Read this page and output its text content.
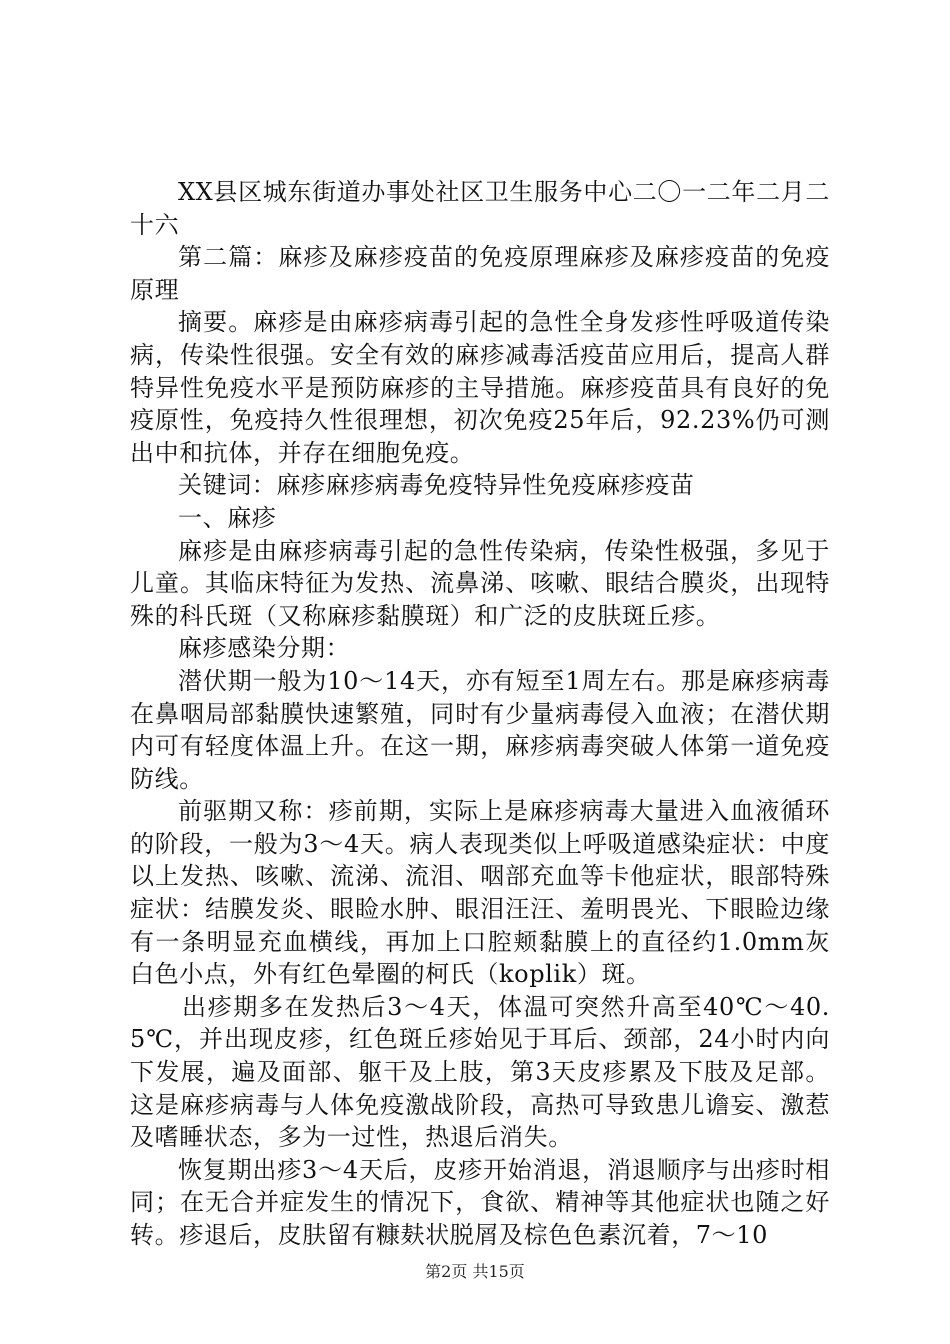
XX县区城东街道办事处社区卫生服务中心二〇一二年二月二十六

第二篇：麻疹及麻疹疫苗的免疫原理麻疹及麻疹疫苗的免疫原理

摘要。麻疹是由麻疹病毒引起的急性全身发疹性呼吸道传染病，传染性很强。安全有效的麻疹减毒活疫苗应用后，提高人群特异性免疫水平是预防麻疹的主导措施。麻疹疫苗具有良好的免疫原性，免疫持久性很理想，初次免疫25年后，92.23%仍可测出中和抗体，并存在细胞免疫。

关键词：麻疹麻疹病毒免疫特异性免疫麻疹疫苗

一、麻疹

麻疹是由麻疹病毒引起的急性传染病，传染性极强，多见于儿童。其临床特征为发热、流鼻涕、咳嗽、眼结合膜炎，出现特殊的科氏斑（又称麻疹黏膜斑）和广泛的皮肤斑丘疹。

麻疹感染分期：

潜伏期一般为10～14天，亦有短至1周左右。那是麻疹病毒在鼻咽局部黏膜快速繁殖，同时有少量病毒侵入血液；在潜伏期内可有轻度体温上升。在这一期，麻疹病毒突破人体第一道免疫防线。

前驱期又称：疹前期，实际上是麻疹病毒大量进入血液循环的阶段，一般为3～4天。病人表现类似上呼吸道感染症状：中度以上发热、咳嗽、流涕、流泪、咽部充血等卡他症状，眼部特殊症状：结膜发炎、眼睑水肿、眼泪汪汪、羞明畏光、下眼睑边缘有一条明显充血横线，再加上口腔颊黏膜上的直径约1.0mm灰白色小点，外有红色晕圈的柯氏（koplik）斑。

出疹期多在发热后3～4天，体温可突然升高至40℃～40.5℃，并出现皮疹，红色斑丘疹始见于耳后、颈部，24小时内向下发展，遍及面部、躯干及上肢，第3天皮疹累及下肢及足部。这是麻疹病毒与人体免疫激战阶段，高热可导致患儿谵妄、激惹及嗜睡状态，多为一过性，热退后消失。

恢复期出疹3～4天后，皮疹开始消退，消退顺序与出疹时相同；在无合并症发生的情况下，食欲、精神等其他症状也随之好转。疹退后，皮肤留有糠麸状脱屑及棕色色素沉着，7～10

第2页 共15页
